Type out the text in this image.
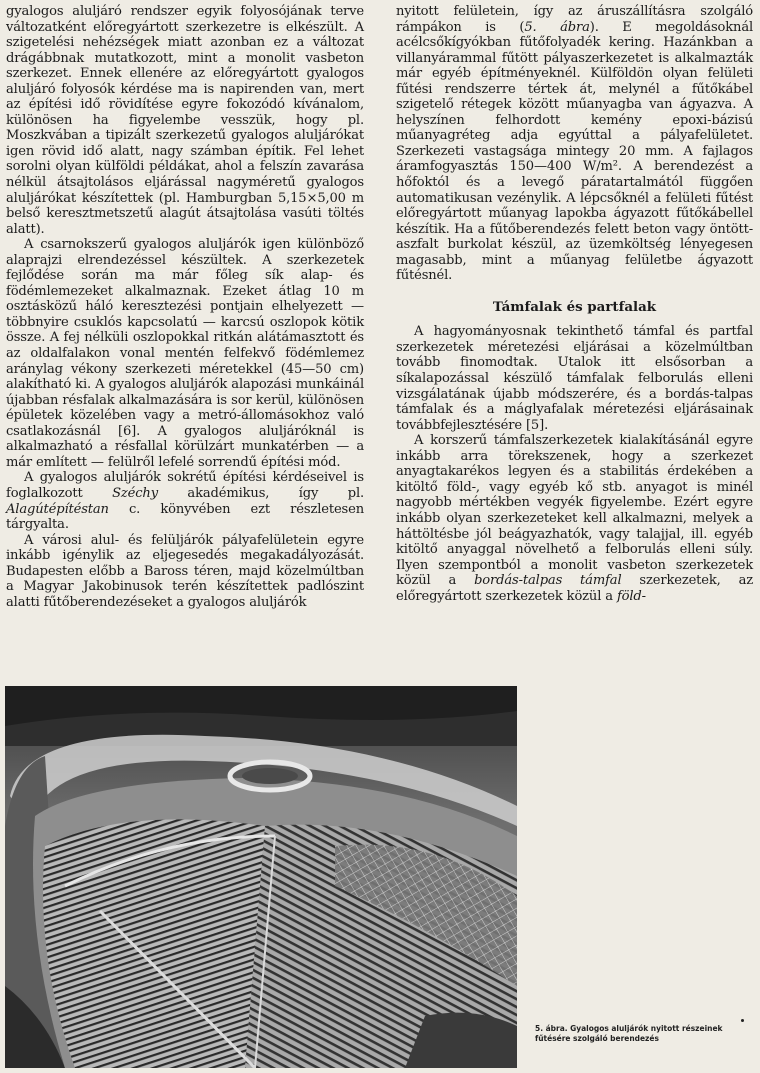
gyalogos aluljáró rendszer egyik folyosójának terve változatként előregyártott szerkezetre is elkészült. A szigetelési nehézségek miatt azonban ez a változat drágábbnak mutatkozott, mint a monolit vasbeton szerkezet. Ennek ellenére az előregyártott gyalogos aluljáró folyosók kérdése ma is napirenden van, mert az építési idő rövidítése egyre fokozódó kívánalom, különösen ha figyelembe vesszük, hogy pl. Moszkvában a tipizált szerkezetű gyalogos aluljárókat igen rövid idő alatt, nagy számban építik. Fel lehet sorolni olyan külföldi példákat, ahol a felszín zavarása nélkül átsajtolásos eljárással nagyméretű gyalogos aluljárókat készítettek (pl. Hamburgban 5,15×5,00 m belső keresztmetszetű alagút átsajtolása vasúti töltés alatt).

A csarnokszerű gyalogos aluljárók igen különböző alaprajzi elrendezéssel készültek. A szerkezetek fejlődése során ma már főleg sík alap- és födémlemezeket alkalmaznak. Ezeket átlag 10 m osztásközű háló keresztezési pontjain elhelyezett — többnyire csuklós kapcsolatú — karcsú oszlopok kötik össze. A fej nélküli oszlopokkal ritkán alátámasztott és az oldalfalakon vonal mentén felfekvő födémlemez aránylag vékony szerkezeti méretekkel (45—50 cm) alakítható ki. A gyalogos aluljárók alapozási munkáinál újabban résfalak alkalmazására is sor kerül, különösen épületek közelében vagy a metró-állomásokhoz való csatlakozásnál [6]. A gyalogos aluljáróknál is alkalmazható a résfallal körülzárt munkatérben — a már említett — felülről lefelé sorrendű építési mód.

A gyalogos aluljárók sokrétű építési kérdéseivel is foglalkozott Széchy akadémikus, így pl. Alagútépítéstan c. könyvében ezt részletesen tárgyalta.

A városi alul- és felüljárók pályafelületein egyre inkább igénylik az eljegesedés megakadályozását. Budapesten előbb a Baross téren, majd közelmúltban a Magyar Jakobinusok terén készítettek padlószint alatti fűtőberendezéseket a gyalogos aluljárók

nyitott felületein, így az áruszállításra szolgáló rámpákon is (5. ábra). E megoldásoknál acélcsőkígyókban fűtőfolyadék kering. Hazánkban a villanyárammal fűtött pályaszerkezetet is alkalmazták már egyéb építményeknél. Külföldön olyan felületi fűtési rendszerre tértek át, melynél a fűtőkábel szigetelő rétegek között műanyagba van ágyazva. A helyszínen felhordott kemény epoxi-bázisú műanyagréteg adja egyúttal a pályafelületet. Szerkezeti vastagsága mintegy 20 mm. A fajlagos áramfogyasztás 150—400 W/m². A berendezést a hőfoktól és a levegő páratartalmától függően automatikusan vezénylik. A lépcsőknél a felületi fűtést előregyártott műanyag lapokba ágyazott fűtőkábellel készítik. Ha a fűtőberendezés felett beton vagy öntött-aszfalt burkolat készül, az üzemköltség lényegesen magasabb, mint a műanyag felületbe ágyazott fűtésnél.

Támfalak és partfalak

A hagyományosnak tekinthető támfal és partfal szerkezetek méretezési eljárásai a közelmúltban tovább finomodtak. Utalok itt elsősorban a síkalapozással készülő támfalak felborulás elleni vizsgálatának újabb módszerére, és a bordás-talpas támfalak és a máglyafalak méretezési eljárásainak továbbfejlesztésére [5].

A korszerű támfalszerkezetek kialakításánál egyre inkább arra törekszenek, hogy a szerkezet anyagtakarékos legyen és a stabilitás érdekében a kitöltő föld-, vagy egyéb kő stb. anyagot is minél nagyobb mértékben vegyék figyelembe. Ezért egyre inkább olyan szerkezeteket kell alkalmazni, melyek a háttöltésbe jól beágyazhatók, vagy talajjal, ill. egyéb kitöltő anyaggal növelhető a felborulás elleni súly. Ilyen szempontból a monolit vasbeton szerkezetek közül a bordás-talpas támfal szerkezetek, az előregyártott szerkezetek közül a föld-

5. ábra. Gyalogos aluljárók nyitott részeinek fűtésére szolgáló berendezés
